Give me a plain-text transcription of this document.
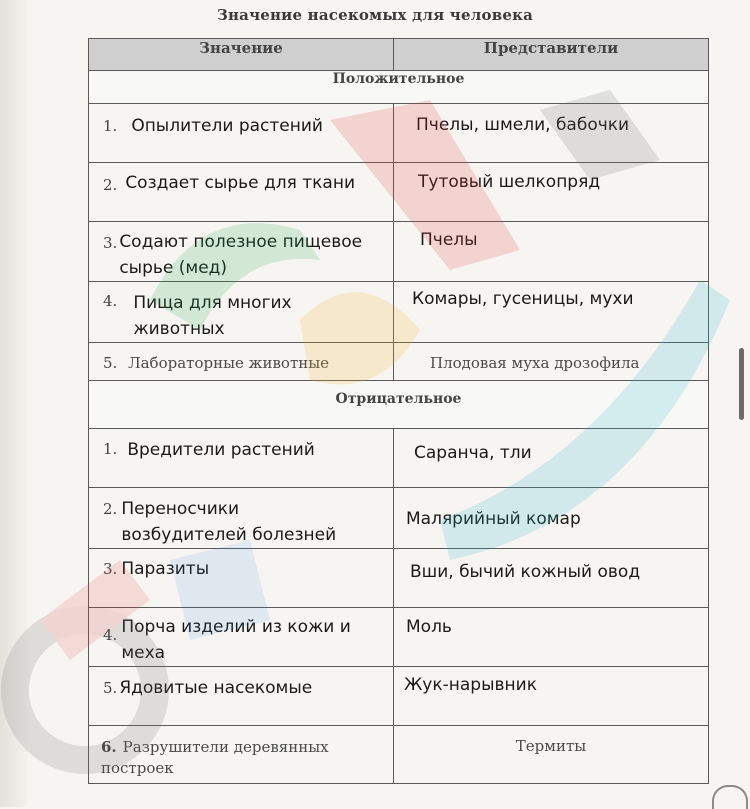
Значение насекомых для человека
Значение	Представители
Положительное	

1. Опылители растений	Пчелы, шмели, бабочки

2. Создает сырье для ткани	Тутовый шелкопряд

3. Содают полезное пищевое сырье (мед)	Пчелы

4. Пища для многих животных	Комары, гусеницы, мухи

5. Лабораторные животные	Плодовая муха дрозофила

Отрицательное	

1. Вредители растений	Саранча, тли

2. Переносчики возбудителей болезней	Малярийный комар

3. Паразиты	Вши, бычий кожный овод

4. Порча изделий из кожи и меха	Моль

5. Ядовитые насекомые	Жук-нарывник

6. Разрушители деревянных построек	Термиты
